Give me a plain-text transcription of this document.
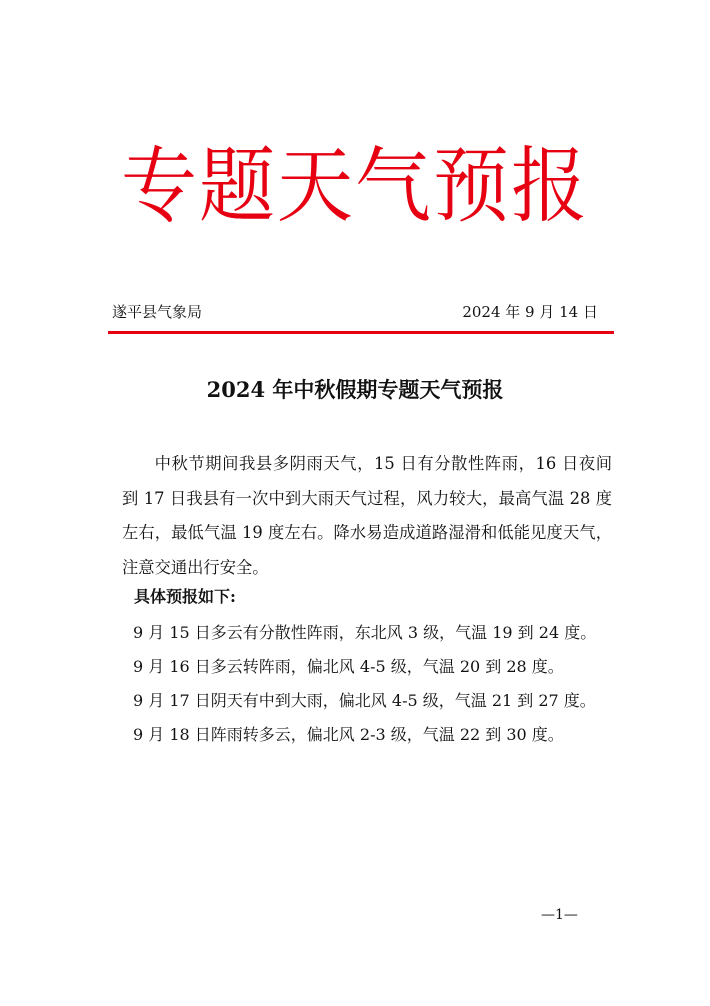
专题天气预报
遂平县气象局	2024 年 9 月 14 日
2024 年中秋假期专题天气预报

中秋节期间我县多阴雨天气，15 日有分散性阵雨，16 日夜间到 17 日我县有一次中到大雨天气过程，风力较大，最高气温 28 度左右，最低气温 19 度左右。降水易造成道路湿滑和低能见度天气，注意交通出行安全。

具体预报如下:
9 月 15 日多云有分散性阵雨，东北风 3 级，气温 19 到 24 度。
9 月 16 日多云转阵雨，偏北风 4-5 级，气温 20 到 28 度。
9 月 17 日阴天有中到大雨，偏北风 4-5 级，气温 21 到 27 度。
9 月 18 日阵雨转多云，偏北风 2-3 级，气温 22 到 30 度。
—1—
